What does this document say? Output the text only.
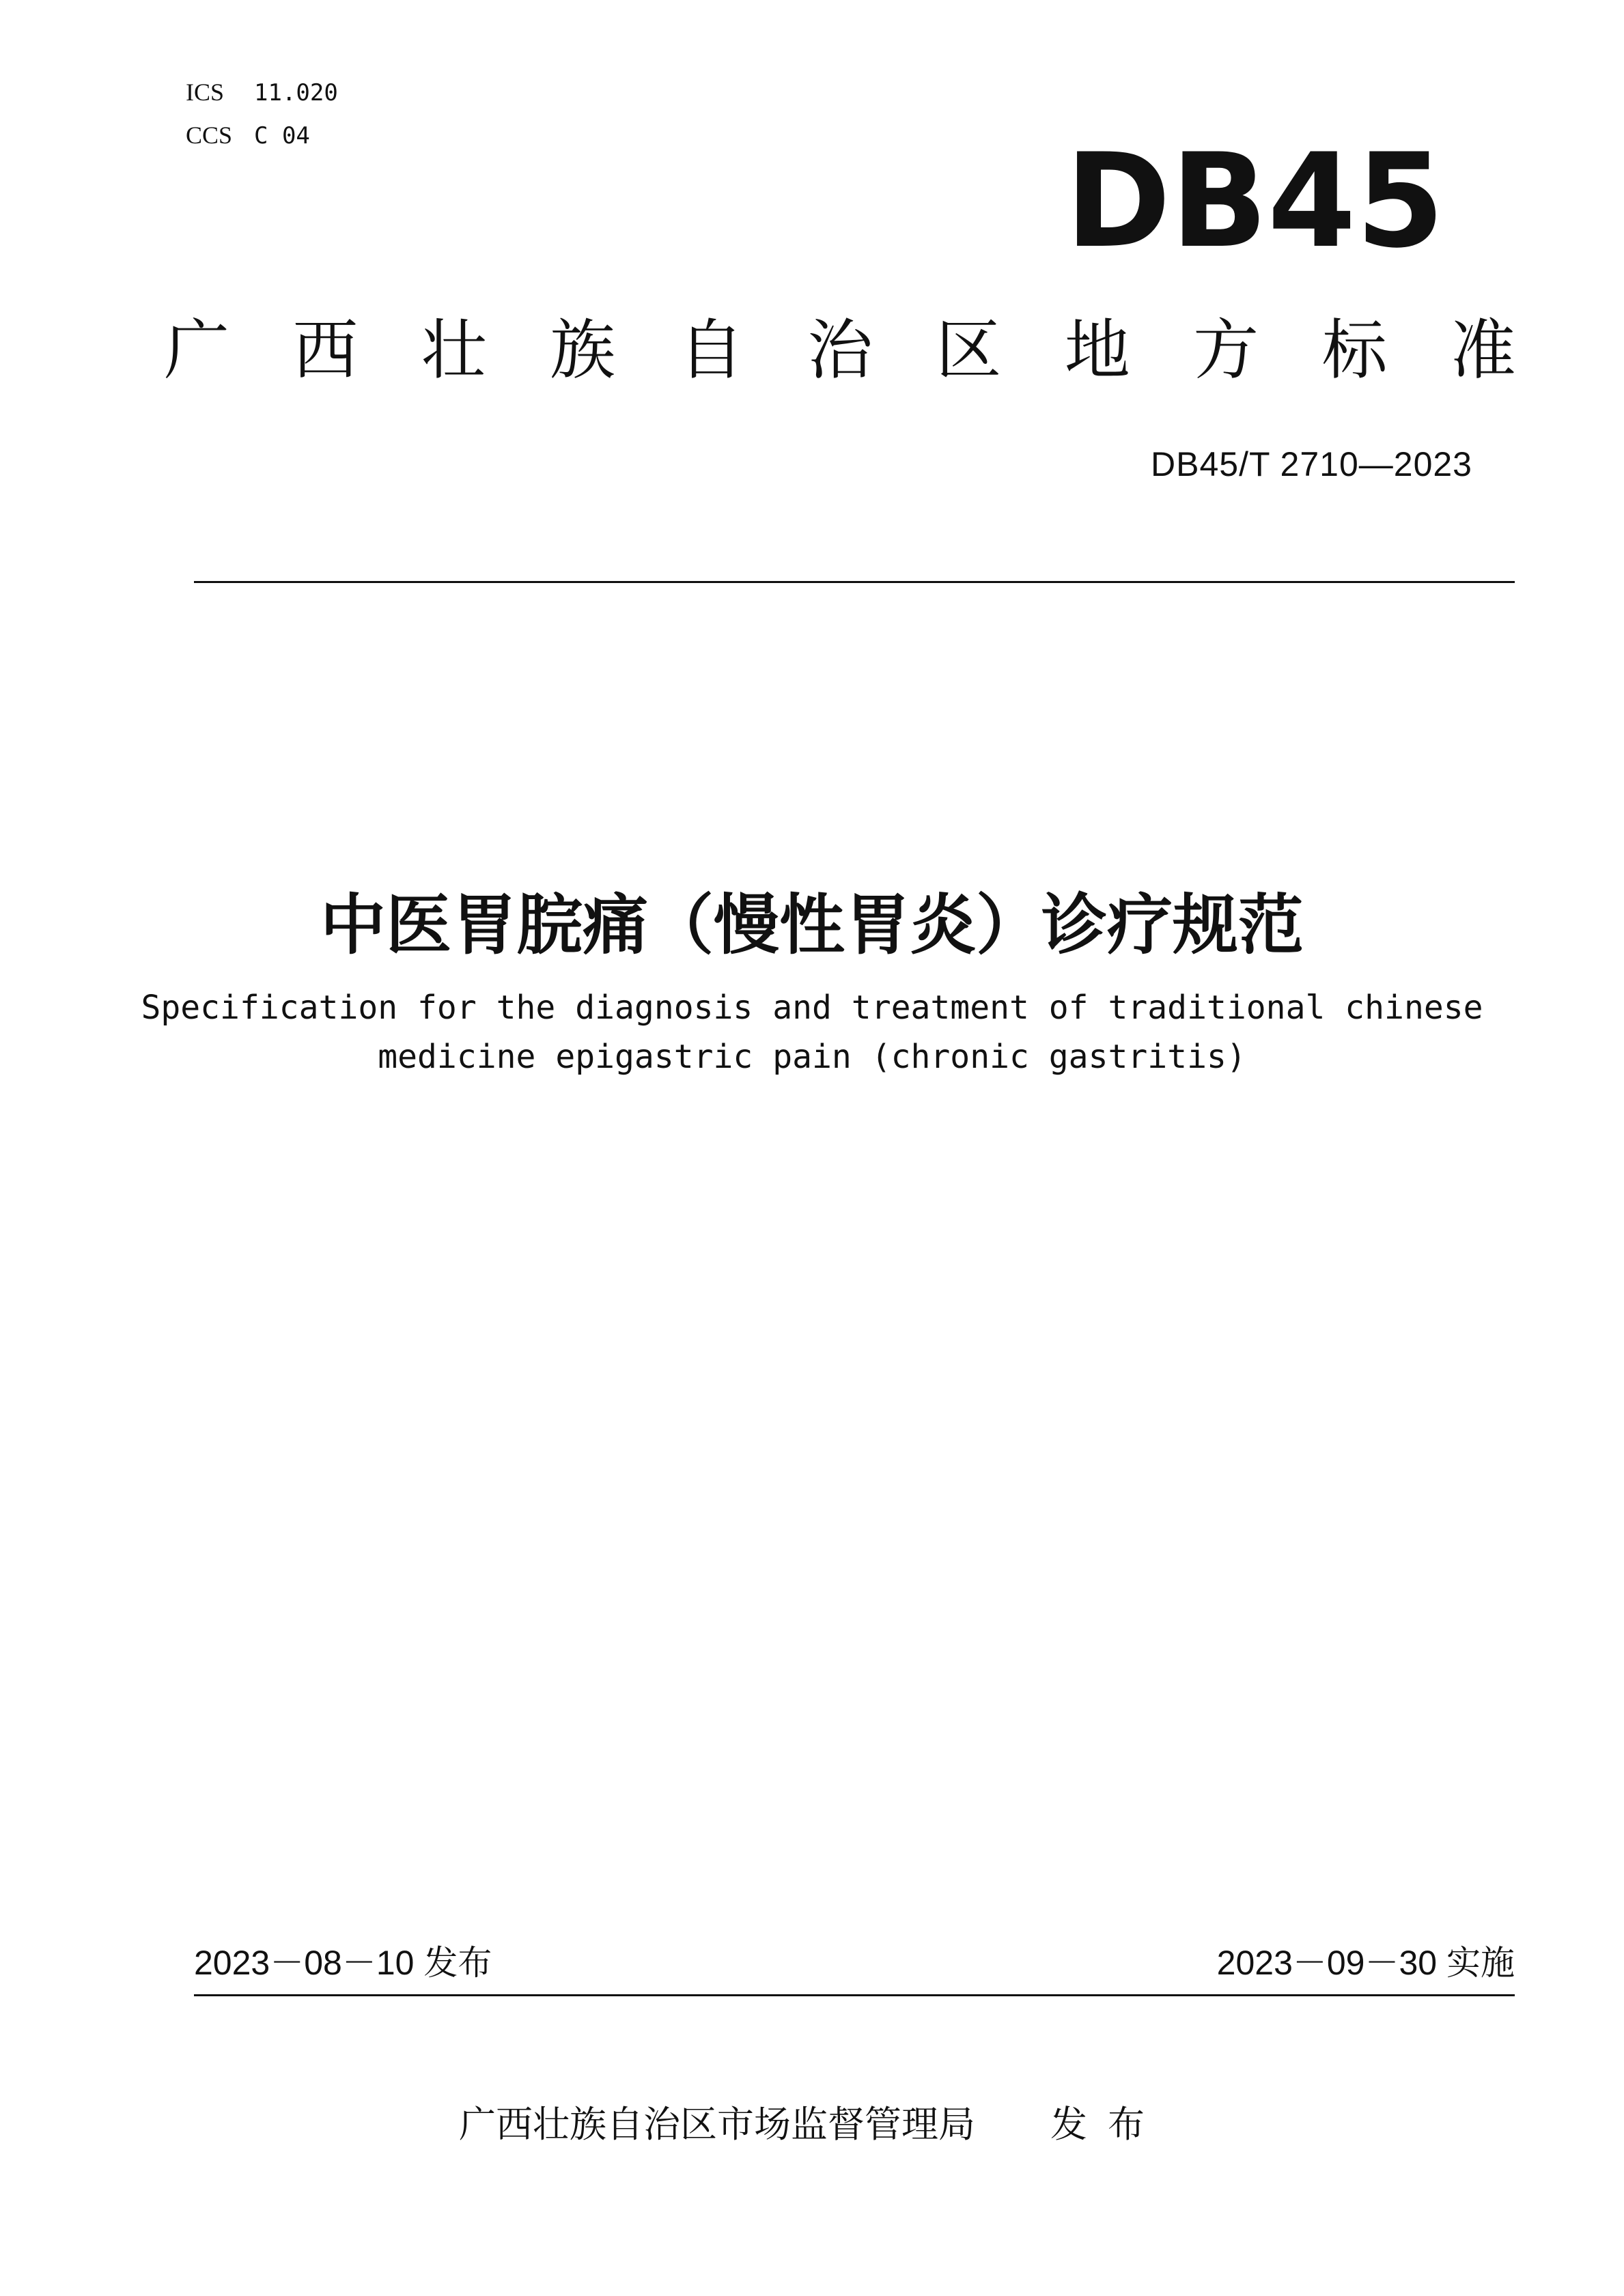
ICS 11.020
CCS C 04	DB45
广 西 壮 族 自 治 区 地 方 标 准
DB45/T 2710—2023
中医胃脘痛（慢性胃炎）诊疗规范
Specification for the diagnosis and treatment of traditional chinese
medicine epigastric pain (chronic gastritis)
2023－08－10 发布	2023－09－30 实施
广西壮族自治区市场监督管理局 发布
